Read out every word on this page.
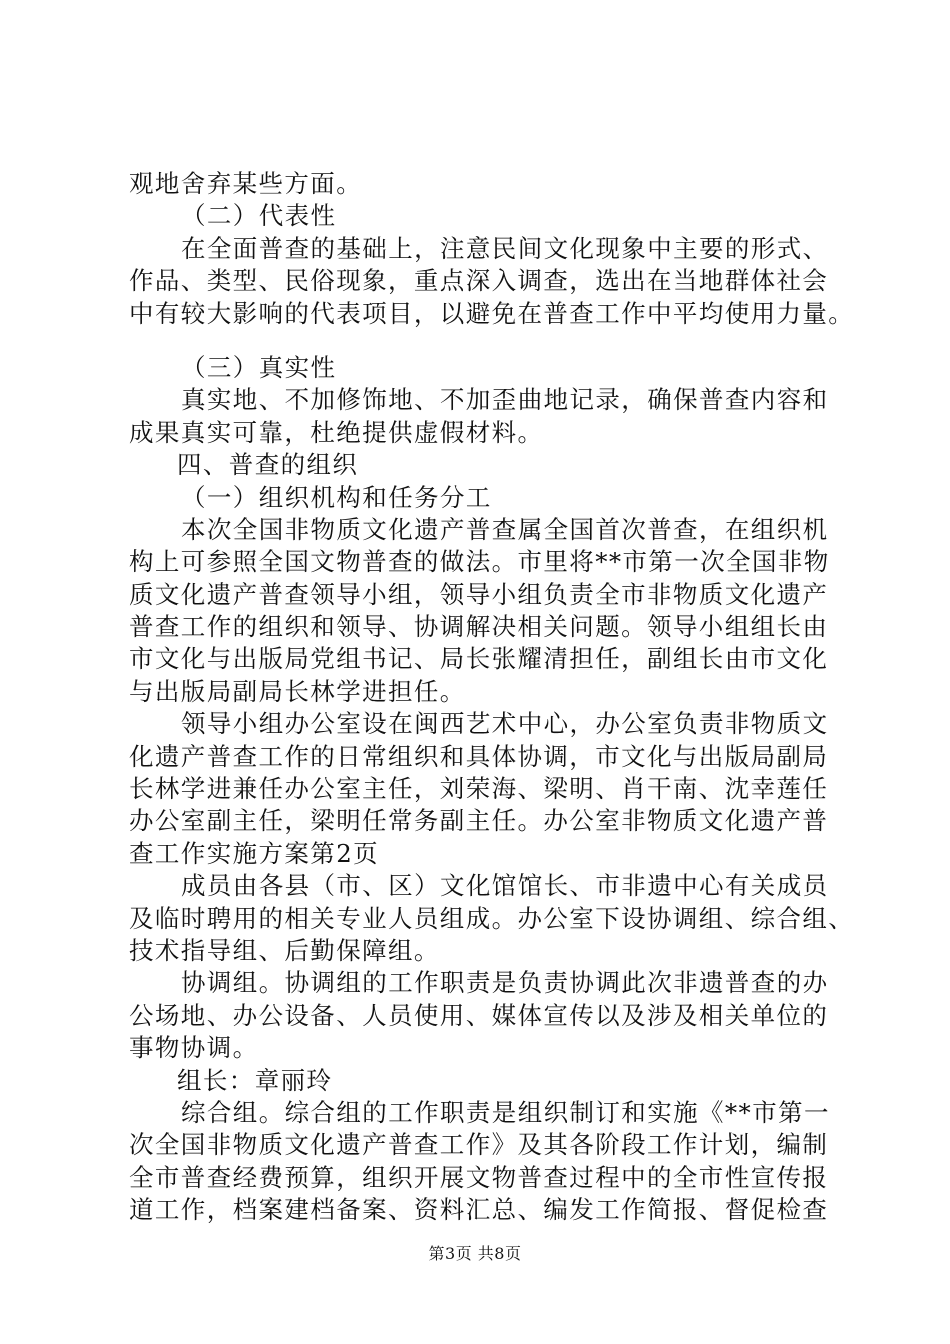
观地舍弃某些方面。
（二）代表性
在全面普查的基础上，注意民间文化现象中主要的形式、
作品、类型、民俗现象，重点深入调查，选出在当地群体社会
中有较大影响的代表项目，以避免在普查工作中平均使用力量。
（三）真实性
真实地、不加修饰地、不加歪曲地记录，确保普查内容和
成果真实可靠，杜绝提供虚假材料。
四、普查的组织
（一）组织机构和任务分工
本次全国非物质文化遗产普查属全国首次普查，在组织机
构上可参照全国文物普查的做法。市里将**市第一次全国非物
质文化遗产普查领导小组，领导小组负责全市非物质文化遗产
普查工作的组织和领导、协调解决相关问题。领导小组组长由
市文化与出版局党组书记、局长张耀清担任，副组长由市文化
与出版局副局长林学进担任。
领导小组办公室设在闽西艺术中心，办公室负责非物质文
化遗产普查工作的日常组织和具体协调，市文化与出版局副局
长林学进兼任办公室主任，刘荣海、梁明、肖干南、沈幸莲任
办公室副主任，梁明任常务副主任。办公室非物质文化遗产普
查工作实施方案第2页
成员由各县（市、区）文化馆馆长、市非遗中心有关成员
及临时聘用的相关专业人员组成。办公室下设协调组、综合组、
技术指导组、后勤保障组。
协调组。协调组的工作职责是负责协调此次非遗普查的办
公场地、办公设备、人员使用、媒体宣传以及涉及相关单位的
事物协调。
组长：章丽玲
综合组。综合组的工作职责是组织制订和实施《**市第一
次全国非物质文化遗产普查工作》及其各阶段工作计划，编制
全市普查经费预算，组织开展文物普查过程中的全市性宣传报
道工作，档案建档备案、资料汇总、编发工作简报、督促检查
第3页 共8页
